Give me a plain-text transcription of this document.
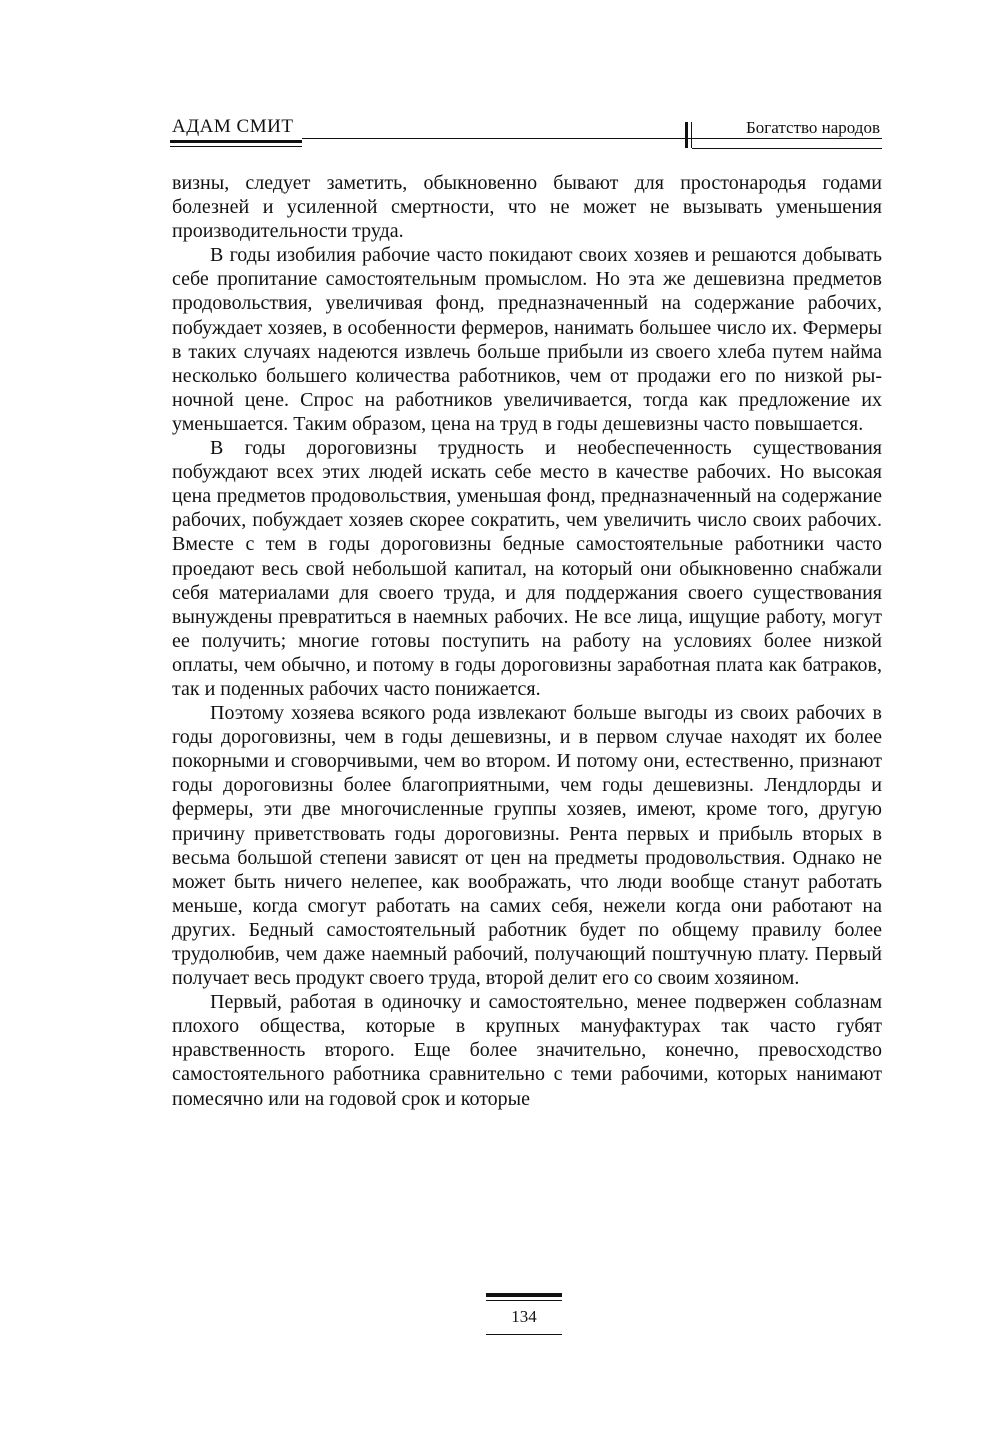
АДАМ СМИТ	Богатство народов

визны, следует заметить, обыкновенно бывают для простонародья годами болезней и усиленной смертности, что не может не вызывать уменьшения производительности труда.

В годы изобилия рабочие часто покидают своих хозяев и решаются добывать себе пропитание самостоятельным промыслом. Но эта же дешевизна предметов продовольствия, увеличивая фонд, предназначенный на содержание рабочих, побуждает хозяев, в особенности фермеров, нанимать большее число их. Фермеры в таких случаях надеются извлечь больше прибыли из своего хлеба путем найма несколько большего количества работников, чем от продажи его по низкой рыночной цене. Спрос на работников увеличивается, тогда как предложение их уменьшается. Таким образом, цена на труд в годы дешевизны часто повышается.

В годы дороговизны трудность и необеспеченность существования побуждают всех этих людей искать себе место в качестве рабочих. Но высокая цена предметов продовольствия, уменьшая фонд, предназначенный на содержание рабочих, побуждает хозяев скорее сократить, чем увеличить число своих рабочих. Вместе с тем в годы дороговизны бедные самостоятельные работники часто проедают весь свой небольшой капитал, на который они обыкновенно снабжали себя материалами для своего труда, и для поддержания своего существования вынуждены превратиться в наемных рабочих. Не все лица, ищущие работу, могут ее получить; многие готовы поступить на работу на условиях более низкой оплаты, чем обычно, и потому в годы дороговизны заработная плата как батраков, так и поденных рабочих часто понижается.

Поэтому хозяева всякого рода извлекают больше выгоды из своих рабочих в годы дороговизны, чем в годы дешевизны, и в первом случае находят их более покорными и сговорчивыми, чем во втором. И потому они, естественно, признают годы дороговизны более благоприятными, чем годы дешевизны. Лендлорды и фермеры, эти две многочисленные группы хозяев, имеют, кроме того, другую причину приветствовать годы дороговизны. Рента первых и прибыль вторых в весьма большой степени зависят от цен на предметы продовольствия. Однако не может быть ничего нелепее, как воображать, что люди вообще станут работать меньше, когда смогут работать на самих себя, нежели когда они работают на других. Бедный самостоятельный работник будет по общему правилу более трудолюбив, чем даже наемный рабочий, получающий поштучную плату. Первый получает весь продукт своего труда, второй делит его со своим хозяином.

Первый, работая в одиночку и самостоятельно, менее подвержен соблазнам плохого общества, которые в крупных мануфактурах так часто губят нравственность второго. Еще более значительно, конечно, превосходство самостоятельного работника сравнительно с теми рабочими, которых нанимают помесячно или на годовой срок и которые

134
